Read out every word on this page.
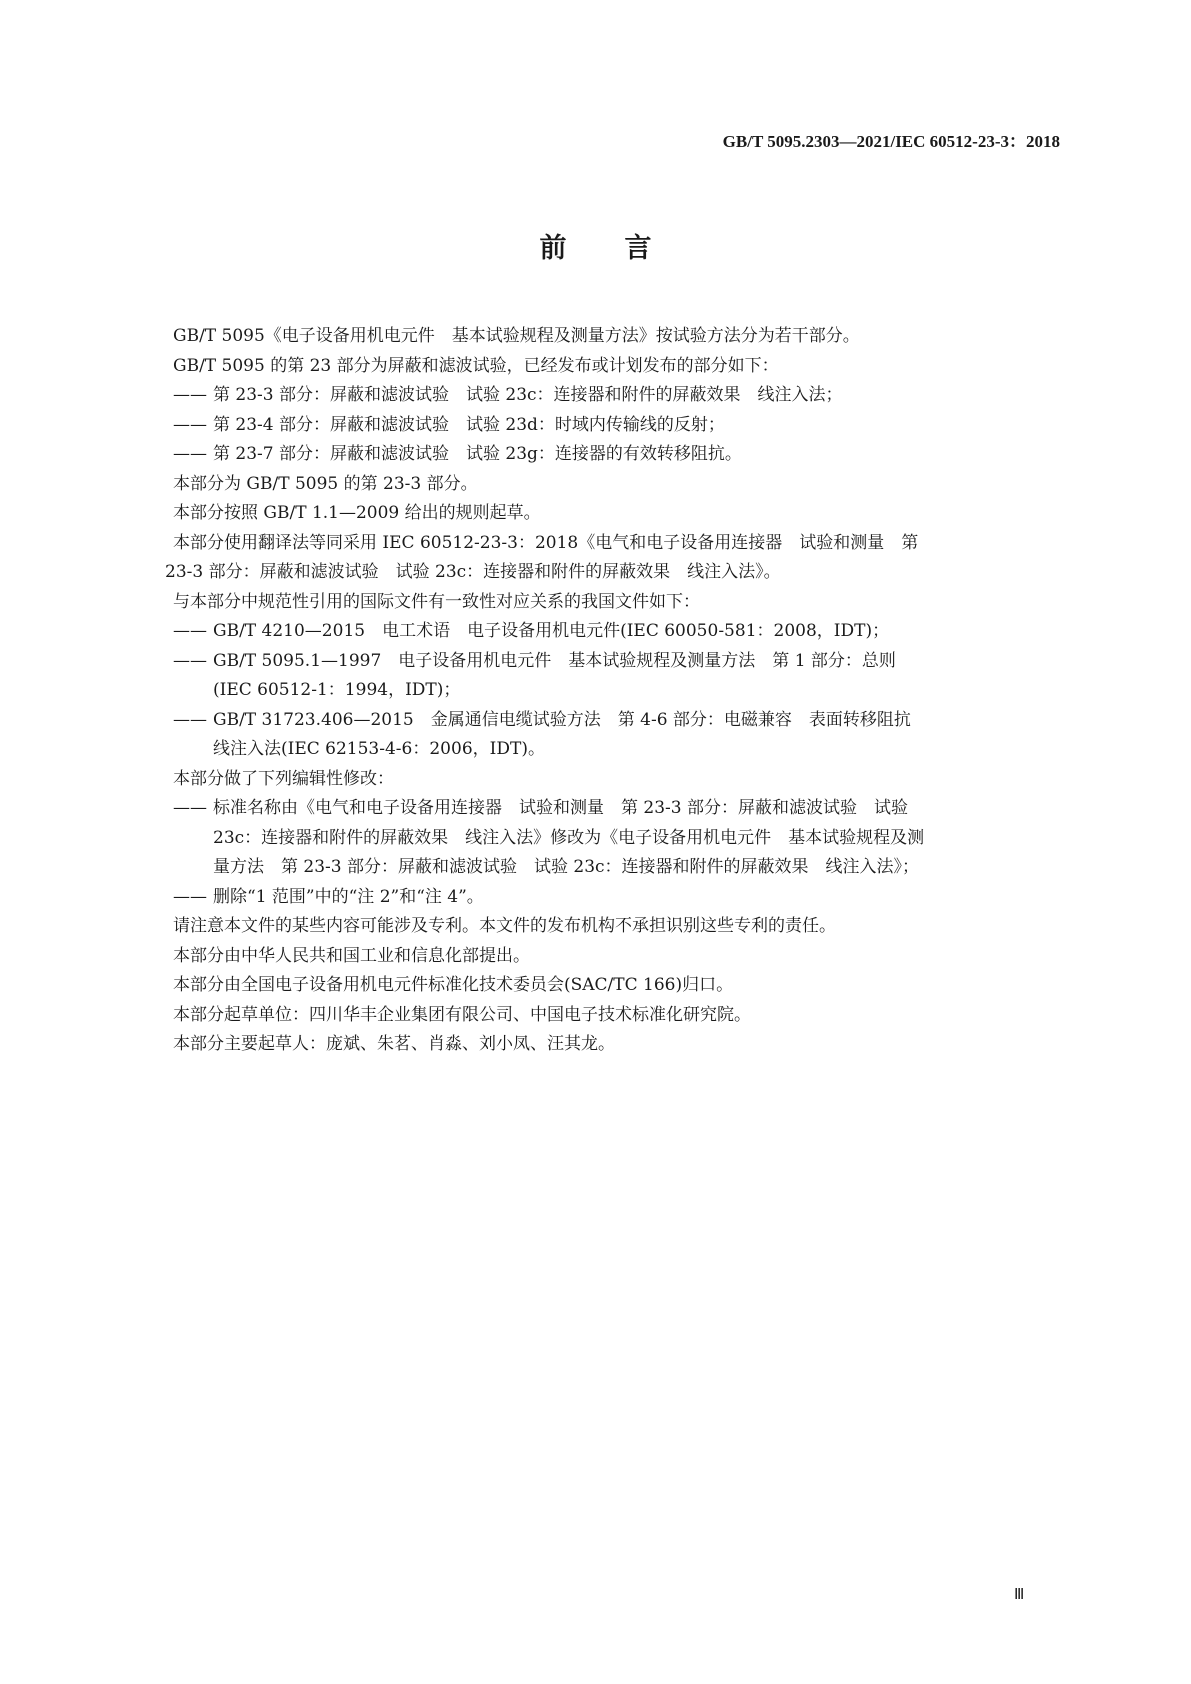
GB/T 5095.2303—2021/IEC 60512-23-3：2018
前言

GB/T 5095《电子设备用机电元件　基本试验规程及测量方法》按试验方法分为若干部分。

GB/T 5095 的第 23 部分为屏蔽和滤波试验，已经发布或计划发布的部分如下：

—— 第 23-3 部分：屏蔽和滤波试验　试验 23c：连接器和附件的屏蔽效果　线注入法；
—— 第 23-4 部分：屏蔽和滤波试验　试验 23d：时域内传输线的反射；
—— 第 23-7 部分：屏蔽和滤波试验　试验 23g：连接器的有效转移阻抗。

本部分为 GB/T 5095 的第 23-3 部分。

本部分按照 GB/T 1.1—2009 给出的规则起草。

本部分使用翻译法等同采用 IEC 60512-23-3：2018《电气和电子设备用连接器　试验和测量　第

23-3 部分：屏蔽和滤波试验　试验 23c：连接器和附件的屏蔽效果　线注入法》。

与本部分中规范性引用的国际文件有一致性对应关系的我国文件如下：

—— GB/T 4210—2015　电工术语　电子设备用机电元件(IEC 60050-581：2008，IDT)；
—— GB/T 5095.1—1997　电子设备用机电元件　基本试验规程及测量方法　第 1 部分：总则

(IEC 60512-1：1994，IDT)；

—— GB/T 31723.406—2015　金属通信电缆试验方法　第 4-6 部分：电磁兼容　表面转移阻抗

线注入法(IEC 62153-4-6：2006，IDT)。

本部分做了下列编辑性修改：

—— 标准名称由《电气和电子设备用连接器　试验和测量　第 23-3 部分：屏蔽和滤波试验　试验

23c：连接器和附件的屏蔽效果　线注入法》修改为《电子设备用机电元件　基本试验规程及测

量方法　第 23-3 部分：屏蔽和滤波试验　试验 23c：连接器和附件的屏蔽效果　线注入法》；

—— 删除“1 范围”中的“注 2”和“注 4”。

请注意本文件的某些内容可能涉及专利。本文件的发布机构不承担识别这些专利的责任。

本部分由中华人民共和国工业和信息化部提出。

本部分由全国电子设备用机电元件标准化技术委员会(SAC/TC 166)归口。

本部分起草单位：四川华丰企业集团有限公司、中国电子技术标准化研究院。

本部分主要起草人：庞斌、朱茗、肖淼、刘小凤、汪其龙。

Ⅲ
